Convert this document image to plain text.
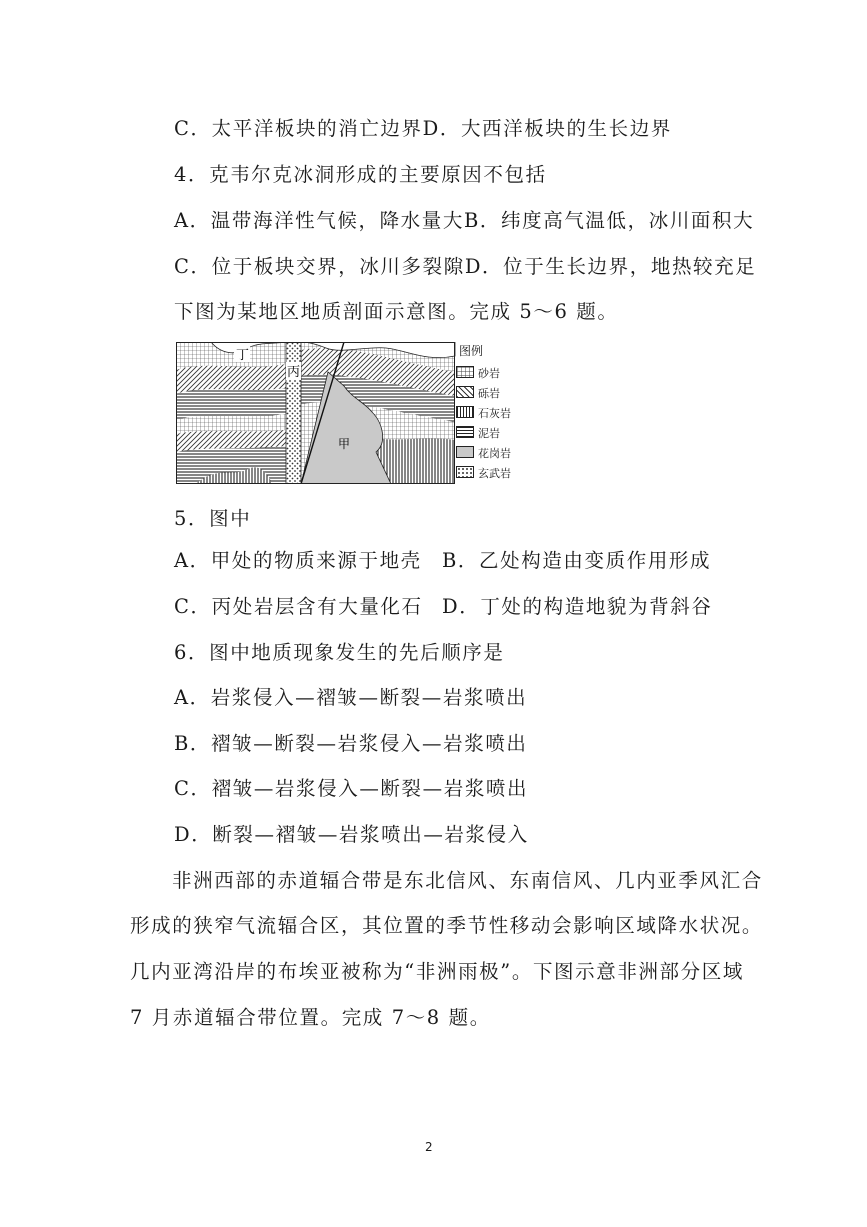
C．太平洋板块的消亡边界D．大西洋板块的生长边界
4．克韦尔克冰洞形成的主要原因不包括
A．温带海洋性气候，降水量大B．纬度高气温低，冰川面积大
C．位于板块交界，冰川多裂隙D．位于生长边界，地热较充足
下图为某地区地质剖面示意图。完成 5～6 题。
丁
丙
甲
图例
砂岩
砾岩
石灰岩
泥岩
花岗岩
玄武岩
5．图中
A．甲处的物质来源于地壳 B．乙处构造由变质作用形成
C．丙处岩层含有大量化石 D．丁处的构造地貌为背斜谷
6．图中地质现象发生的先后顺序是
A．岩浆侵入—褶皱—断裂—岩浆喷出
B．褶皱—断裂—岩浆侵入—岩浆喷出
C．褶皱—岩浆侵入—断裂—岩浆喷出
D．断裂—褶皱—岩浆喷出—岩浆侵入
非洲西部的赤道辐合带是东北信风、东南信风、几内亚季风汇合
形成的狭窄气流辐合区，其位置的季节性移动会影响区域降水状况。
几内亚湾沿岸的布埃亚被称为“非洲雨极”。下图示意非洲部分区域
7 月赤道辐合带位置。完成 7～8 题。
2
